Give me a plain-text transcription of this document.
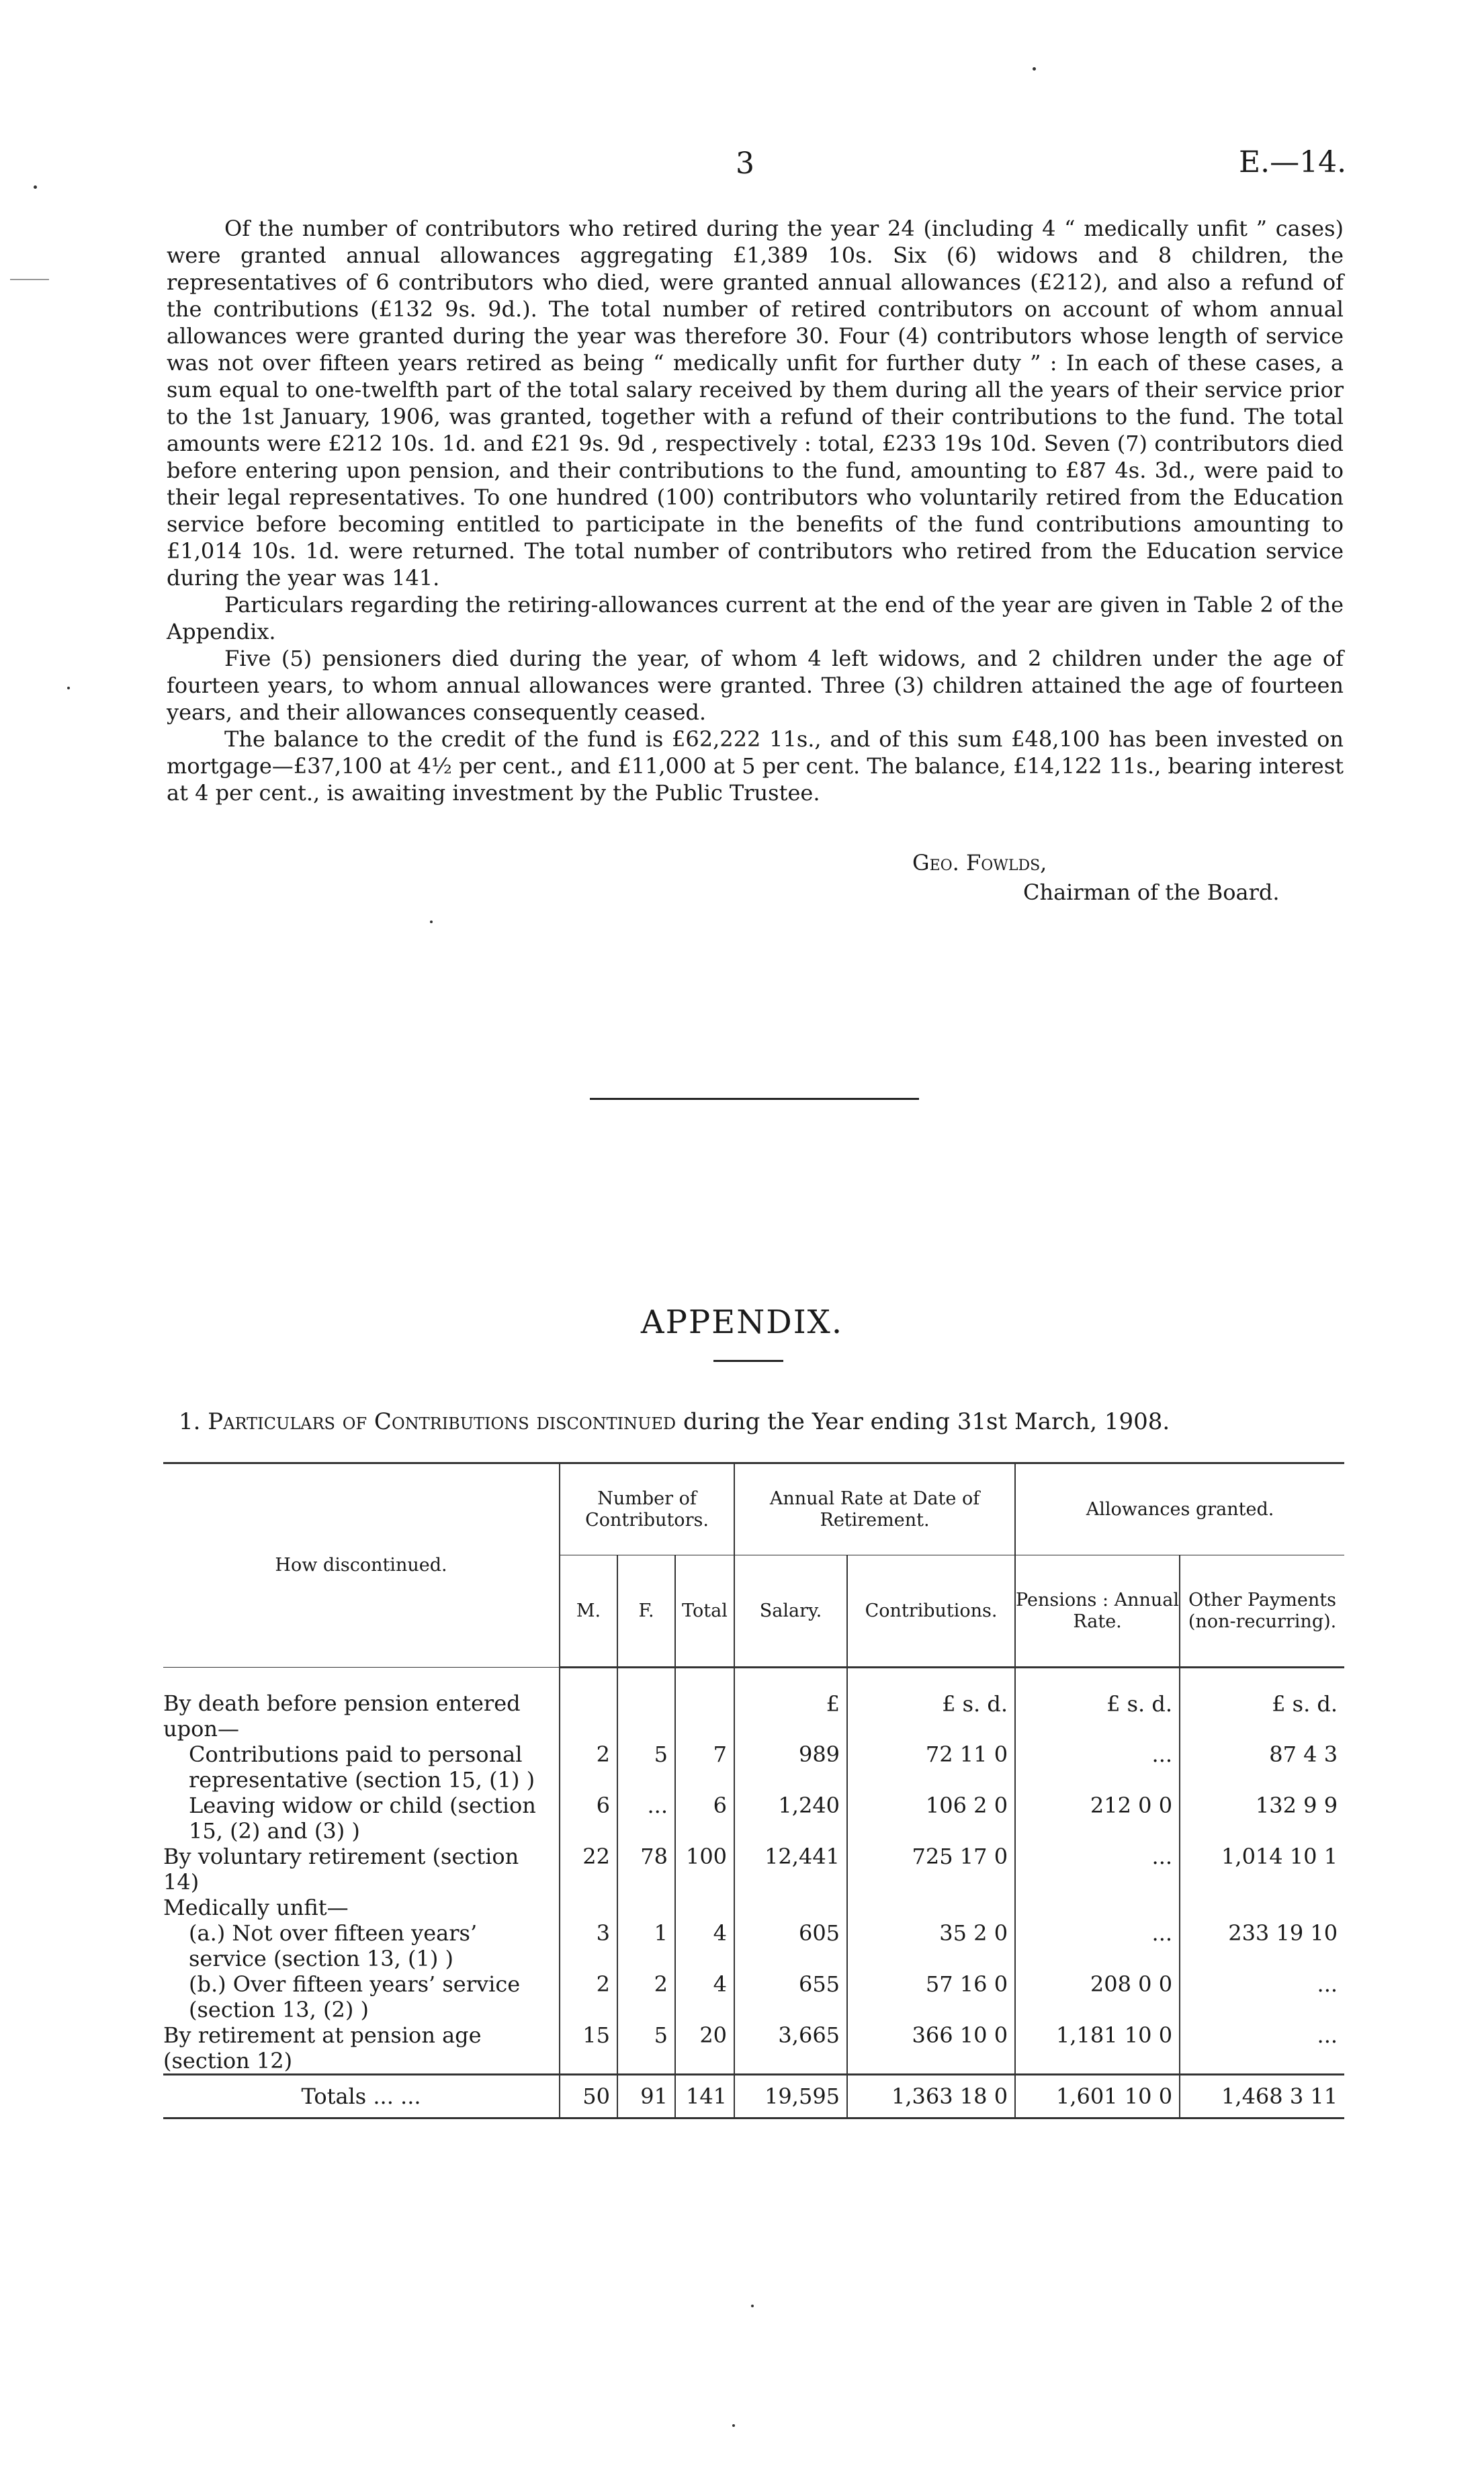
3	E.—14.

Of the number of contributors who retired during the year 24 (including 4 “ medically unfit ” cases) were granted annual allowances aggregating £1,389 10s. Six (6) widows and 8 children, the representatives of 6 contributors who died, were granted annual allowances (£212), and also a refund of the contributions (£132 9s. 9d.). The total number of retired contributors on account of whom annual allowances were granted during the year was therefore 30. Four (4) contributors whose length of service was not over fifteen years retired as being “ medically unfit for further duty ” : In each of these cases, a sum equal to one-twelfth part of the total salary received by them during all the years of their service prior to the 1st January, 1906, was granted, together with a refund of their contributions to the fund. The total amounts were £212 10s. 1d. and £21 9s. 9d , respectively : total, £233 19s 10d. Seven (7) contributors died before entering upon pension, and their contributions to the fund, amounting to £87 4s. 3d., were paid to their legal representatives. To one hundred (100) contributors who voluntarily retired from the Education service before becoming entitled to participate in the benefits of the fund contributions amounting to £1,014 10s. 1d. were returned. The total number of contributors who retired from the Education service during the year was 141.

Particulars regarding the retiring-allowances current at the end of the year are given in Table 2 of the Appendix.

Five (5) pensioners died during the year, of whom 4 left widows, and 2 children under the age of fourteen years, to whom annual allowances were granted. Three (3) children attained the age of fourteen years, and their allowances consequently ceased.

The balance to the credit of the fund is £62,222 11s., and of this sum £48,100 has been invested on mortgage—£37,100 at 4½ per cent., and £11,000 at 5 per cent. The balance, £14,122 11s., bearing interest at 4 per cent., is awaiting investment by the Public Trustee.

Geo. Fowlds,
Chairman of the Board.
APPENDIX.
1. Particulars of Contributions discontinued during the Year ending 31st March, 1908.
How discontinued.	Number of Contributors.			Annual Rate at Date of Retirement.		Allowances granted.	
	M.	F.	Total	Salary.	Contributions.	Pensions : Annual Rate.	Other Payments (non-recurring).
By death before pension entered upon—				£	£ s. d.	£ s. d.	£ s. d.

Contributions paid to personal representative (section 15, (1) )	2	5	7	989	72 11 0	...	87 4 3

Leaving widow or child (section 15, (2) and (3) )	6	...	6	1,240	106 2 0	212 0 0	132 9 9
By voluntary retirement (section 14)	22	78	100	12,441	725 17 0	...	1,014 10 1
Medically unfit—							

(a.) Not over fifteen years’ service (section 13, (1) )	3	1	4	605	35 2 0	...	233 19 10

(b.) Over fifteen years’ service (section 13, (2) )	2	2	4	655	57 16 0	208 0 0	...
By retirement at pension age (section 12)	15	5	20	3,665	366 10 0	1,181 10 0	...
Totals ... ...	50	91	141	19,595	1,363 18 0	1,601 10 0	1,468 3 11
